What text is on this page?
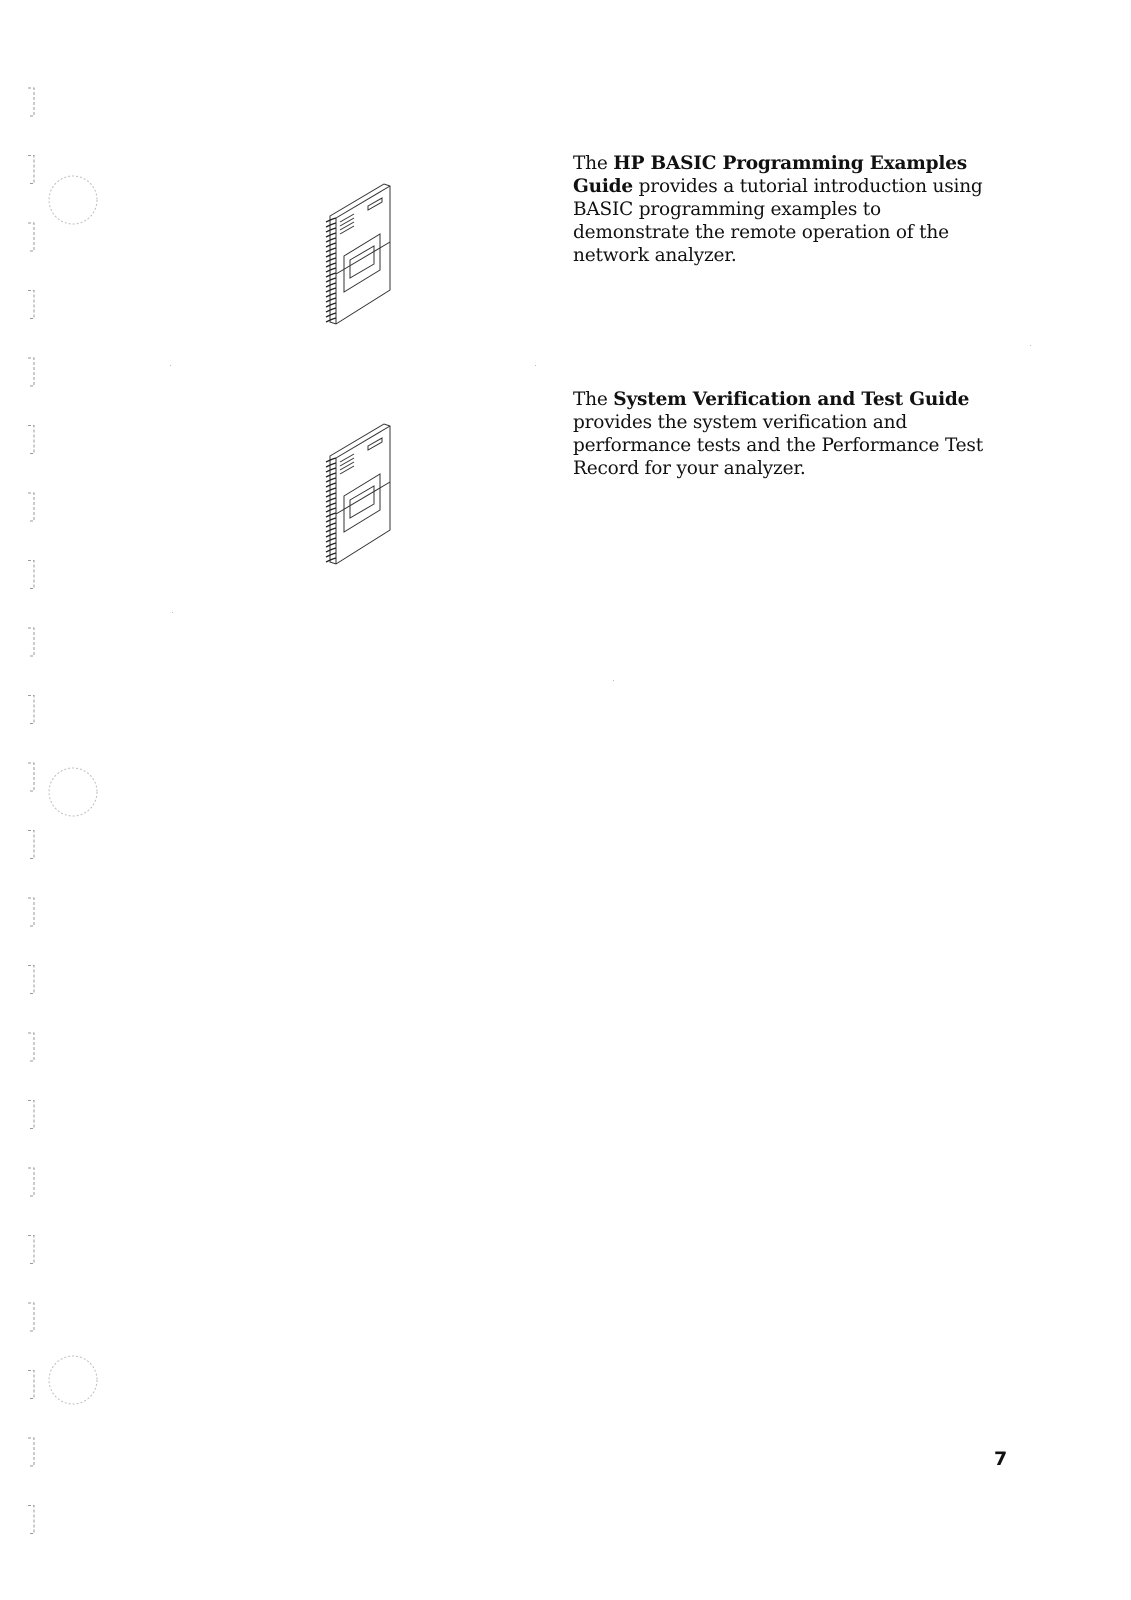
The HP BASIC Programming Examples Guide provides a tutorial introduction using BASIC programming examples to demonstrate the remote operation of the network analyzer.

The System Verification and Test Guide provides the system verification and performance tests and the Performance Test Record for your analyzer.

7
